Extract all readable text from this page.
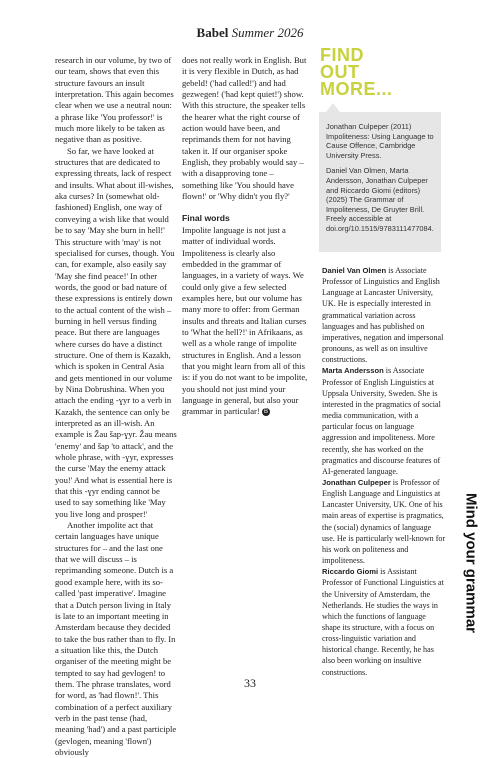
Babel Summer 2026

research in our volume, by two of our team, shows that even this structure favours an insult interpretation. This again becomes clear when we use a neutral noun: a phrase like 'You professor!' is much more likely to be taken as negative than as positive.

So far, we have looked at structures that are dedicated to expressing threats, lack of respect and insults. What about ill-wishes, aka curses? In (somewhat old-fashioned) English, one way of conveying a wish like that would be to say 'May she burn in hell!' This structure with 'may' is not specialised for curses, though. You can, for example, also easily say 'May she find peace!' In other words, the good or bad nature of these expressions is entirely down to the actual content of the wish – burning in hell versus finding peace. But there are languages where curses do have a distinct structure. One of them is Kazakh, which is spoken in Central Asia and gets mentioned in our volume by Nina Dobrushina. When you attach the ending -ɣyr to a verb in Kazakh, the sentence can only be interpreted as an ill-wish. An example is Žau šap-ɣyr. Žau means 'enemy' and šap 'to attack', and the whole phrase, with -ɣyr, expresses the curse 'May the enemy attack you!' And what is essential here is that this -ɣyr ending cannot be used to say something like 'May you live long and prosper!'

Another impolite act that certain languages have unique structures for – and the last one that we will discuss – is reprimanding someone. Dutch is a good example here, with its so-called 'past imperative'. Imagine that a Dutch person living in Italy is late to an important meeting in Amsterdam because they decided to take the bus rather than to fly. In a situation like this, the Dutch organiser of the meeting might be tempted to say had gevlogen! to them. The phrase translates, word for word, as 'had flown!'. This combination of a perfect auxiliary verb in the past tense (had, meaning 'had') and a past participle (gevlogen, meaning 'flown') obviously

does not really work in English. But it is very flexible in Dutch, as had gebeld! ('had called!') and had gezwegen! ('had kept quiet!') show. With this structure, the speaker tells the hearer what the right course of action would have been, and reprimands them for not having taken it. If our organiser spoke English, they probably would say – with a disapproving tone – something like 'You should have flown!' or 'Why didn't you fly?'

Final words

Impolite language is not just a matter of individual words. Impoliteness is clearly also embedded in the grammar of languages, in a variety of ways. We could only give a few selected examples here, but our volume has many more to offer: from German insults and threats and Italian curses to 'What the hell?!' in Afrikaans, as well as a whole range of impolite structures in English. And a lesson that you might learn from all of this is: if you do not want to be impolite, you should not just mind your language in general, but also your grammar in particular! B

FIND
OUT
MORE...

Jonathan Culpeper (2011) Impoliteness: Using Language to Cause Offence, Cambridge University Press.

Daniel Van Olmen, Marta Andersson, Jonathan Culpeper and Riccardo Giomi (editors) (2025) The Grammar of Impoliteness, De Gruyter Brill. Freely accessible at doi.org/10.1515/9783111477084.

Daniel Van Olmen is Associate Professor of Linguistics and English Language at Lancaster University, UK. He is especially interested in grammatical variation across languages and has published on imperatives, negation and impersonal pronouns, as well as on insultive constructions.

Marta Andersson is Associate Professor of English Linguistics at Uppsala University, Sweden. She is interested in the pragmatics of social media communication, with a particular focus on language aggression and impoliteness. More recently, she has worked on the pragmatics and discourse features of AI-generated language.

Jonathan Culpeper is Professor of English Language and Linguistics at Lancaster University, UK. One of his main areas of expertise is pragmatics, the (social) dynamics of language use. He is particularly well-known for his work on politeness and impoliteness.

Riccardo Giomi is Assistant Professor of Functional Linguistics at the University of Amsterdam, the Netherlands. He studies the ways in which the functions of language shape its structure, with a focus on cross-linguistic variation and historical change. Recently, he has also been working on insultive constructions.

Mind your grammar
33
